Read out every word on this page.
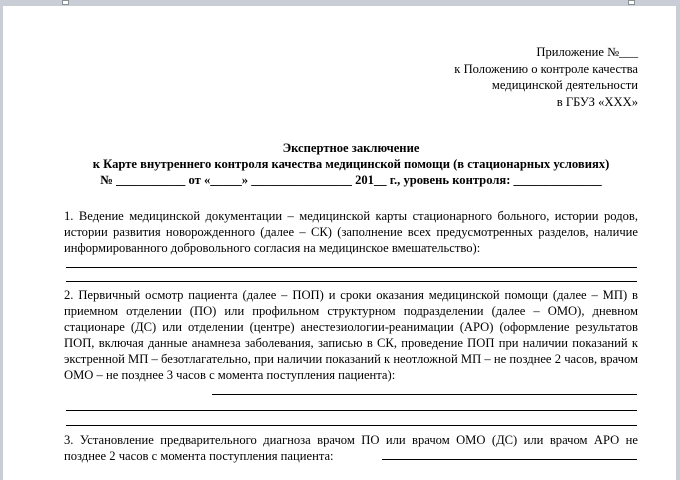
Приложение №___
к Положению о контроле качества
медицинской деятельности
в ГБУЗ «ХХХ»
Экспертное заключение
к Карте внутреннего контроля качества медицинской помощи (в стационарных условиях)
№ ___________ от «_____» ________________ 201__ г., уровень контроля: ______________
1. Ведение медицинской документации – медицинской карты стационарного больного, истории родов, истории развития новорожденного (далее – СК) (заполнение всех предусмотренных разделов, наличие информированного добровольного согласия на медицинское вмешательство):
2. Первичный осмотр пациента (далее – ПОП) и сроки оказания медицинской помощи (далее – МП) в приемном отделении (ПО) или профильном структурном подразделении (далее – ОМО), дневном стационаре (ДС) или отделении (центре) анестезиологии-реанимации (АРО) (оформление результатов ПОП, включая данные анамнеза заболевания, записью в СК, проведение ПОП при наличии показаний к экстренной МП – безотлагательно, при наличии показаний к неотложной МП – не позднее 2 часов, врачом ОМО – не позднее 3 часов с момента поступления пациента):
3. Установление предварительного диагноза врачом ПО или врачом ОМО (ДС) или врачом АРО не позднее 2 часов с момента поступления пациента:
